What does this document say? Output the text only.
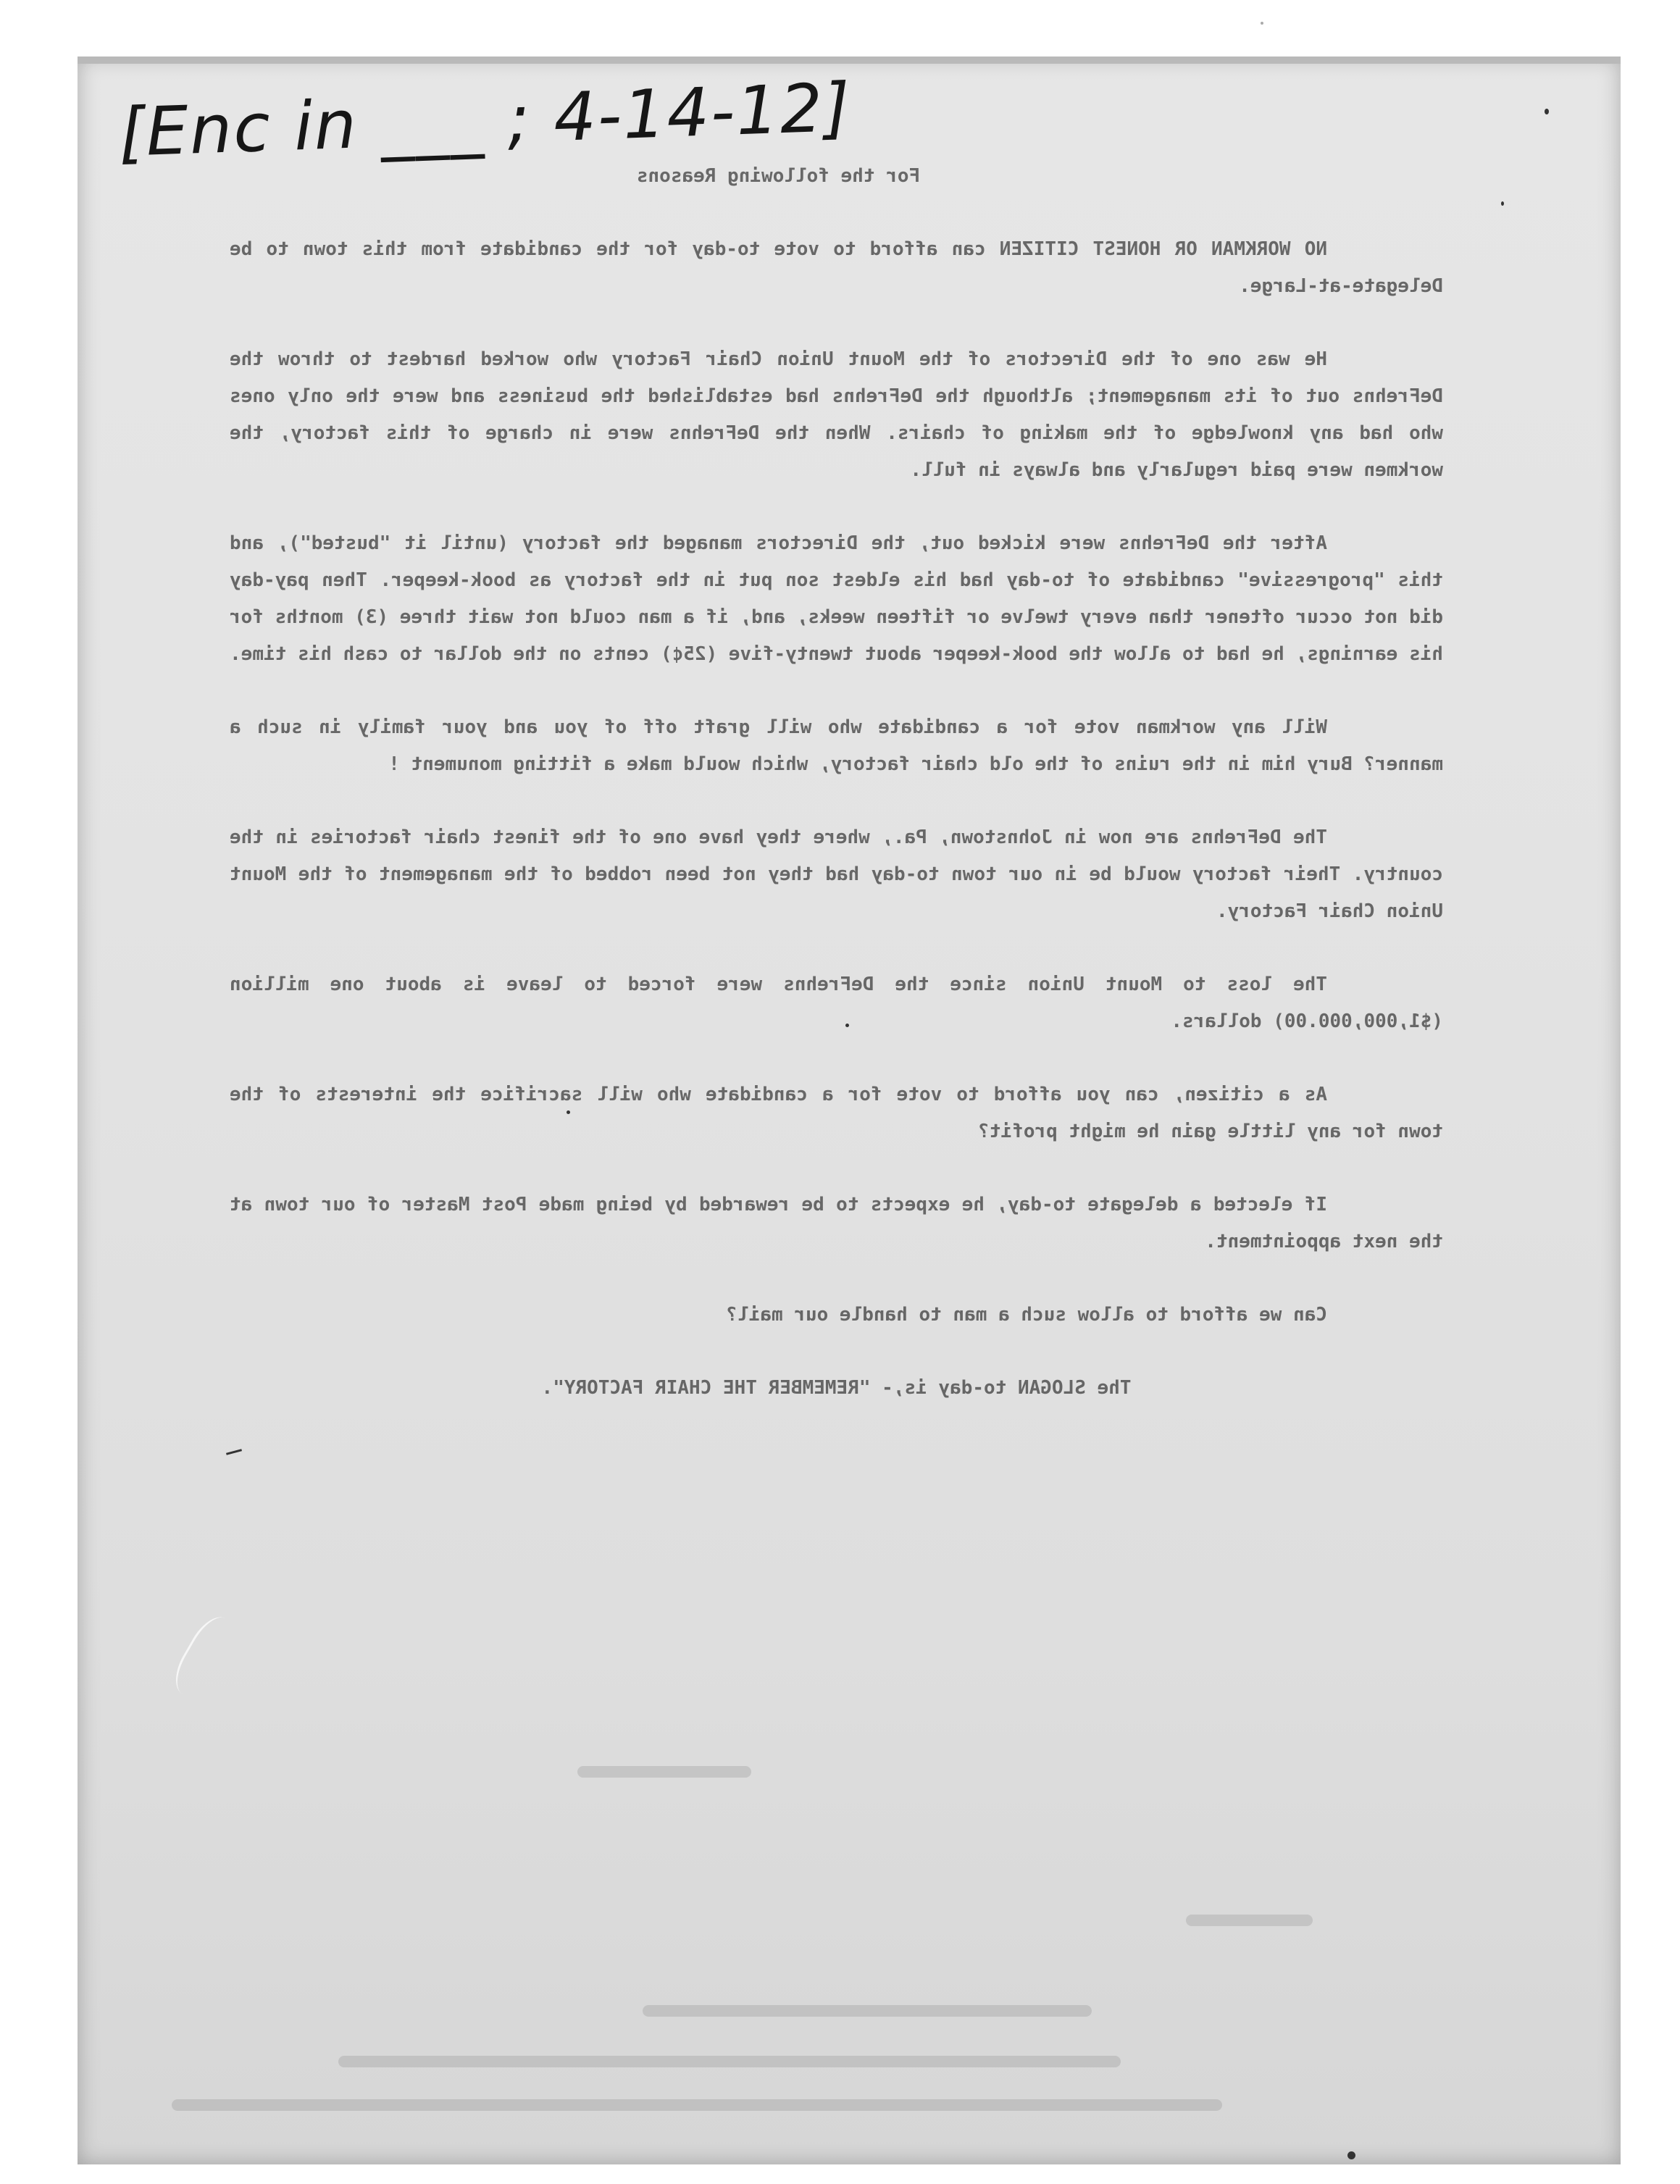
[Enc in ___ ; 4-14-12]

For the following Reasons

NO WORKMAN OR HONEST CITIZEN can afford to vote to-day for the candidate from this town to be Delegate-at-Large.

He was one of the Directors of the Mount Union Chair Factory who worked hardest to throw the DeFrehns out of its management; although the DeFrehns had established the business and were the only ones who had any knowledge of the making of chairs. When the DeFrehns were in charge of this factory, the workmen were paid regularly and always in full.

After the DeFrehns were kicked out, the Directors managed the factory (until it "busted"), and this "progressive" candidate of to-day had his eldest son put in the factory as book-keeper. Then pay-day did not occur oftener than every twelve or fifteen weeks, and, if a man could not wait three (3) months for his earnings, he had to allow the book-keeper about twenty-five (25¢) cents on the dollar to cash his time.

Will any workman vote for a candidate who will graft off of you and your family in such a manner? Bury him in the ruins of the old chair factory, which would make a fitting monument !

The DeFrehns are now in Johnstown, Pa., where they have one of the finest chair factories in the country. Their factory would be in our town to-day had they not been robbed of the management of the Mount Union Chair Factory.

The loss to Mount Union since the DeFrehns were forced to leave is about one million ($1,000,000.00) dollars.

As a citizen, can you afford to vote for a candidate who will sacrifice the interests of the town for any little gain he might profit?

If elected a delegate to-day, he expects to be rewarded by being made Post Master of our town at the next appointment.

Can we afford to allow such a man to handle our mail?

The SLOGAN to-day is,- "REMEMBER THE CHAIR FACTORY".
